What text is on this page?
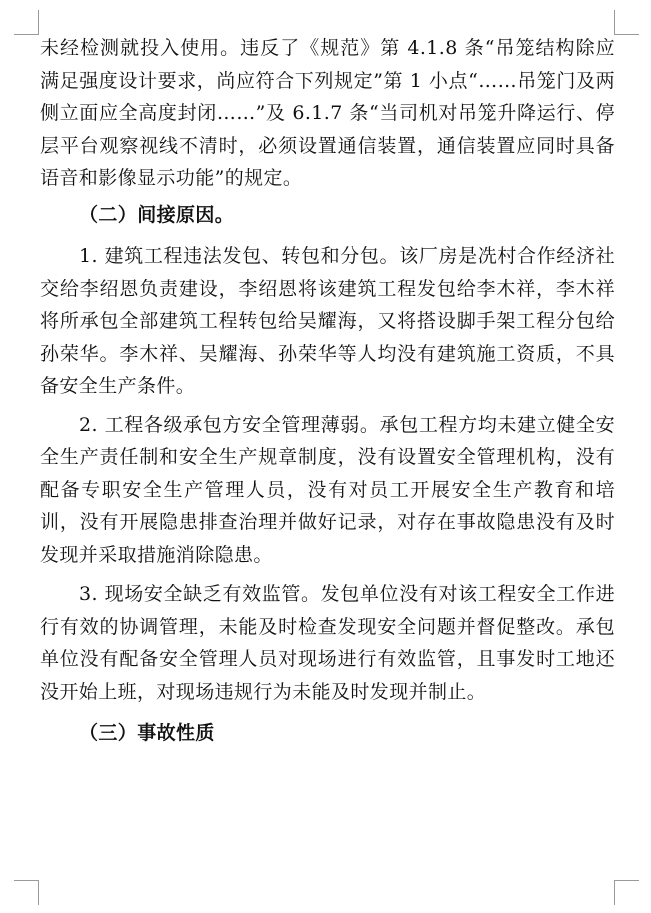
未经检测就投入使用。违反了《规范》第 4.1.8 条“吊笼结构除应满足强度设计要求，尚应符合下列规定”第 1 小点“……吊笼门及两侧立面应全高度封闭……”及 6.1.7 条“当司机对吊笼升降运行、停层平台观察视线不清时，必须设置通信装置，通信装置应同时具备语音和影像显示功能”的规定。

（二）间接原因。

1. 建筑工程违法发包、转包和分包。该厂房是冼村合作经济社交给李绍恩负责建设，李绍恩将该建筑工程发包给李木祥，李木祥将所承包全部建筑工程转包给吴耀海，又将搭设脚手架工程分包给孙荣华。李木祥、吴耀海、孙荣华等人均没有建筑施工资质，不具备安全生产条件。

2. 工程各级承包方安全管理薄弱。承包工程方均未建立健全安全生产责任制和安全生产规章制度，没有设置安全管理机构，没有配备专职安全生产管理人员，没有对员工开展安全生产教育和培训，没有开展隐患排查治理并做好记录，对存在事故隐患没有及时发现并采取措施消除隐患。

3. 现场安全缺乏有效监管。发包单位没有对该工程安全工作进行有效的协调管理，未能及时检查发现安全问题并督促整改。承包单位没有配备安全管理人员对现场进行有效监管，且事发时工地还没开始上班，对现场违规行为未能及时发现并制止。

（三）事故性质
